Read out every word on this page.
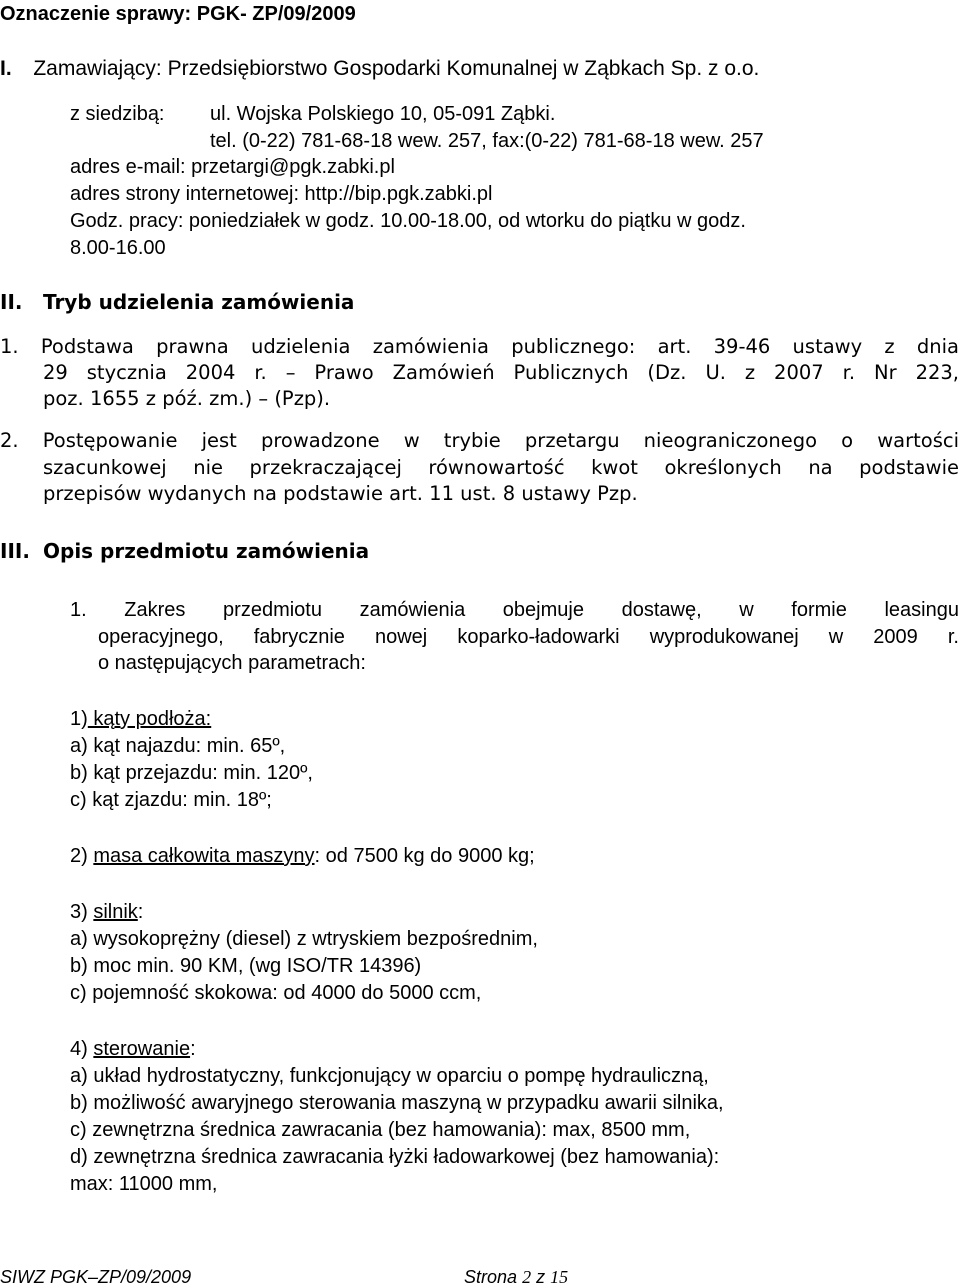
Oznaczenie sprawy: PGK- ZP/09/2009
I. Zamawiający: Przedsiębiorstwo Gospodarki Komunalnej w Ząbkach Sp. z o.o.
z siedzibą: ul. Wojska Polskiego 10, 05-091 Ząbki.
tel. (0-22) 781-68-18 wew. 257, fax:(0-22) 781-68-18 wew. 257
adres e-mail: przetargi@pgk.zabki.pl
adres strony internetowej: http://bip.pgk.zabki.pl
Godz. pracy: poniedziałek w godz. 10.00-18.00, od wtorku do piątku w godz.
8.00-16.00
II. Tryb udzielenia zamówienia
1. Podstawa prawna udzielenia zamówienia publicznego: art. 39-46 ustawy z dnia
29 stycznia 2004 r. – Prawo Zamówień Publicznych (Dz. U. z 2007 r. Nr 223,
poz. 1655 z póź. zm.) – (Pzp).
2. Postępowanie jest prowadzone w trybie przetargu nieograniczonego o wartości
szacunkowej nie przekraczającej równowartość kwot określonych na podstawie
przepisów wydanych na podstawie art. 11 ust. 8 ustawy Pzp.
III. Opis przedmiotu zamówienia
1. Zakres przedmiotu zamówienia obejmuje dostawę, w formie leasingu
operacyjnego, fabrycznie nowej koparko-ładowarki wyprodukowanej w 2009 r.
o następujących parametrach:
1) kąty podłoża:
a) kąt najazdu: min. 65º,
b) kąt przejazdu: min. 120º,
c) kąt zjazdu: min. 18º;
2) masa całkowita maszyny: od 7500 kg do 9000 kg;
3) silnik:
a) wysokoprężny (diesel) z wtryskiem bezpośrednim,
b) moc min. 90 KM, (wg ISO/TR 14396)
c) pojemność skokowa: od 4000 do 5000 ccm,
4) sterowanie:
a) układ hydrostatyczny, funkcjonujący w oparciu o pompę hydrauliczną,
b) możliwość awaryjnego sterowania maszyną w przypadku awarii silnika,
c) zewnętrzna średnica zawracania (bez hamowania): max, 8500 mm,
d) zewnętrzna średnica zawracania łyżki ładowarkowej (bez hamowania):
max: 11000 mm,
SIWZ PGK–ZP/09/2009	Strona 2 z 15
